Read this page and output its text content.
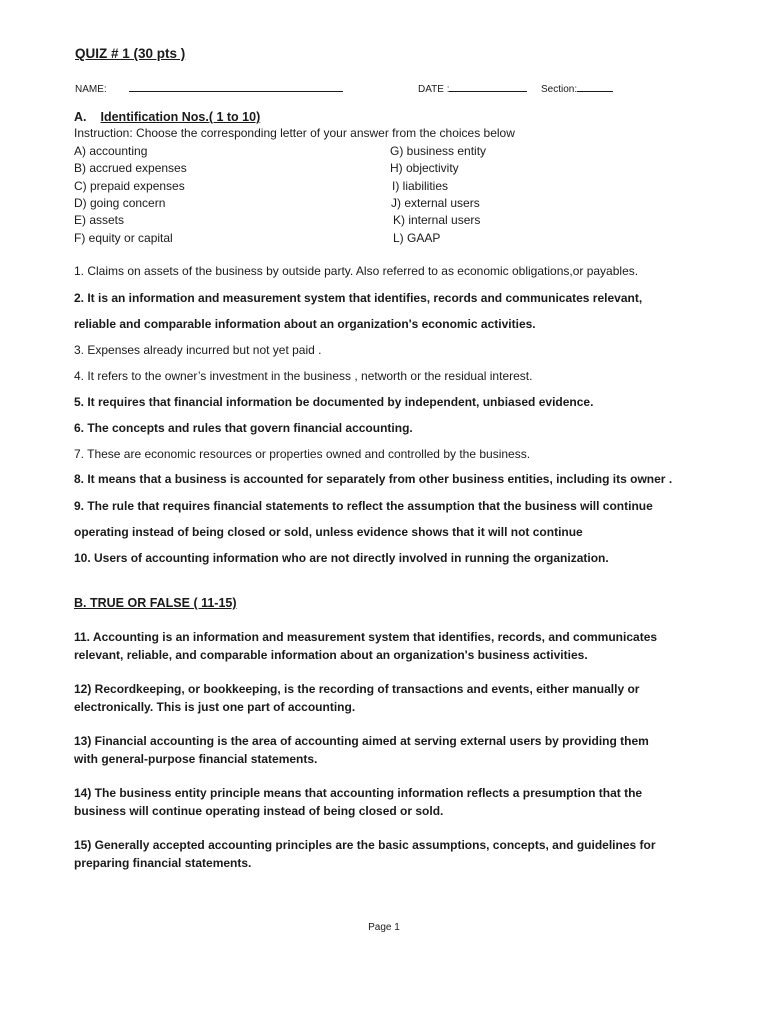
QUIZ # 1 (30 pts )
NAME:	DATE :	Section:
A. Identification Nos.( 1 to 10)
Instruction: Choose the corresponding letter of your answer from the choices below
A) accounting
B) accrued expenses
C) prepaid expenses
D) going concern
E) assets
F) equity or capital
G) business entity
H) objectivity
I) liabilities
J) external users
K) internal users
L) GAAP
1. Claims on assets of the business by outside party. Also referred to as economic obligations,or payables.
2. It is an information and measurement system that identifies, records and communicates relevant,
reliable and comparable information about an organization's economic activities.
3. Expenses already incurred but not yet paid .
4. It refers to the owner’s investment in the business , networth or the residual interest.
5. It requires that financial information be documented by independent, unbiased evidence.
6. The concepts and rules that govern financial accounting.
7. These are economic resources or properties owned and controlled by the business.
8. It means that a business is accounted for separately from other business entities, including its owner .
9. The rule that requires financial statements to reflect the assumption that the business will continue
operating instead of being closed or sold, unless evidence shows that it will not continue
10. Users of accounting information who are not directly involved in running the organization.
B. TRUE OR FALSE ( 11-15)
11. Accounting is an information and measurement system that identifies, records, and communicates relevant, reliable, and comparable information about an organization's business activities.
12) Recordkeeping, or bookkeeping, is the recording of transactions and events, either manually or electronically. This is just one part of accounting.
13) Financial accounting is the area of accounting aimed at serving external users by providing them with general-purpose financial statements.
14) The business entity principle means that accounting information reflects a presumption that the business will continue operating instead of being closed or sold.
15) Generally accepted accounting principles are the basic assumptions, concepts, and guidelines for preparing financial statements.
Page 1
